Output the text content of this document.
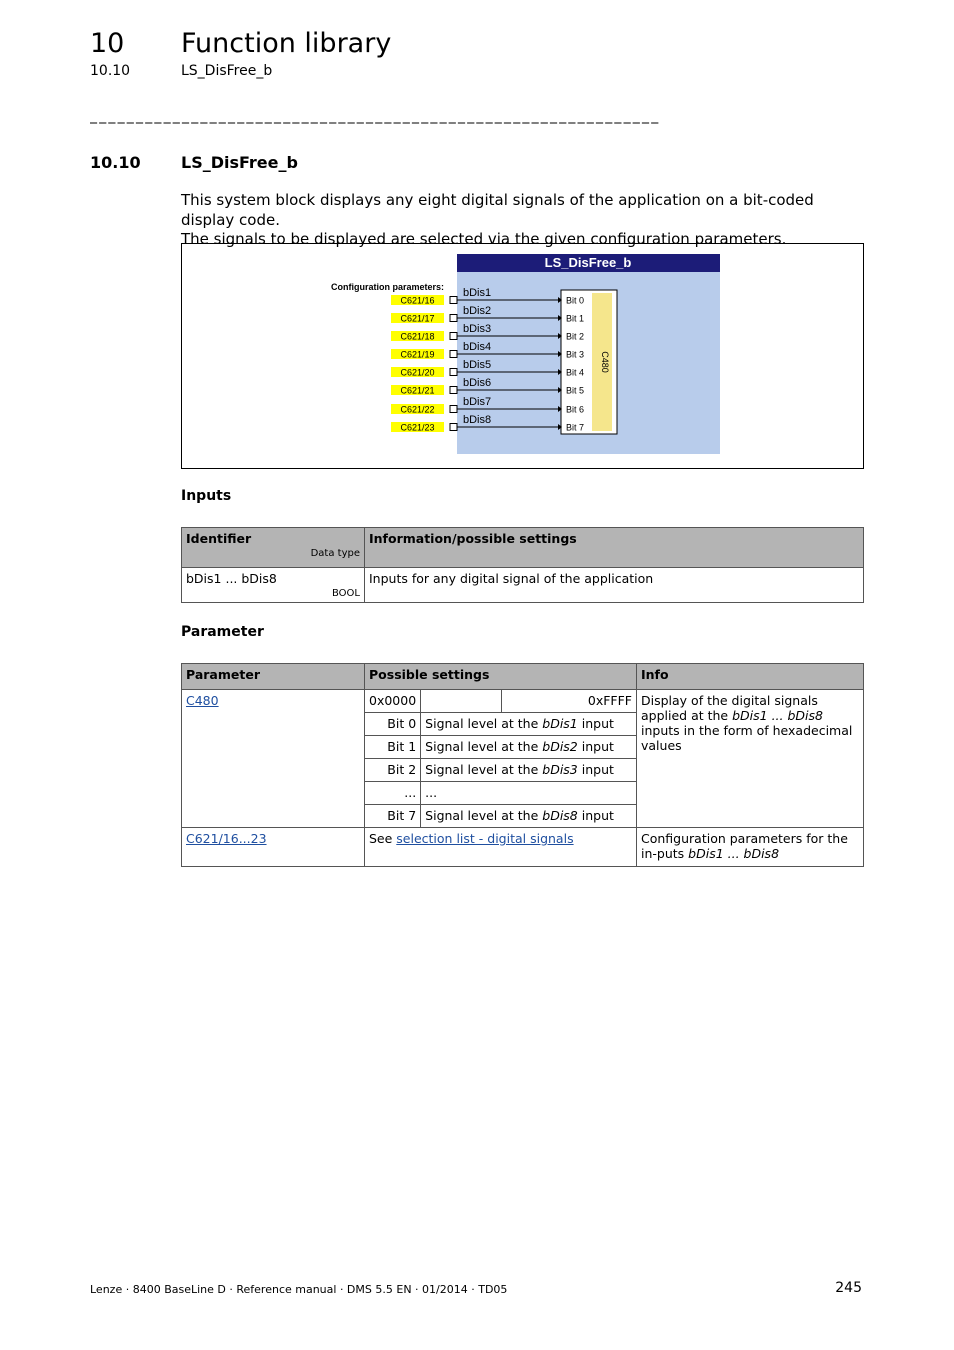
10 Function library
10.10	LS_DisFree_b
______________________________________________________________
10.10	LS_DisFree_b

This system block displays any eight digital signals of the application on a bit-coded display code.

The signals to be displayed are selected via the given configuration parameters.

LS_DisFree_b
Configuration parameters:
C480
C621/16
bDis1
Bit 0
C621/17
bDis2
Bit 1
C621/18
bDis3
Bit 2
C621/19
bDis4
Bit 3
C621/20
bDis5
Bit 4
C621/21
bDis6
Bit 5
C621/22
bDis7
Bit 6
C621/23
bDis8
Bit 7
Inputs
Identifier
Data type	Information/possible settings
bDis1 ... bDis8
BOOL	Inputs for any digital signal of the application
Parameter
Parameter	Possible settings			Info
C480	0x0000		0xFFFF	Display of the digital signals applied at the bDis1 ... bDis8 inputs in the form of hexadecimal values
	Bit 0	Signal level at the bDis1 input		
	Bit 1	Signal level at the bDis2 input		
	Bit 2	Signal level at the bDis3 input		
	...	...		
	Bit 7	Signal level at the bDis8 input		
C621/16...23	See selection list - digital signals			Configuration parameters for the in-puts bDis1 ... bDis8
Lenze · 8400 BaseLine D · Reference manual · DMS 5.5 EN · 01/2014 · TD05	245
